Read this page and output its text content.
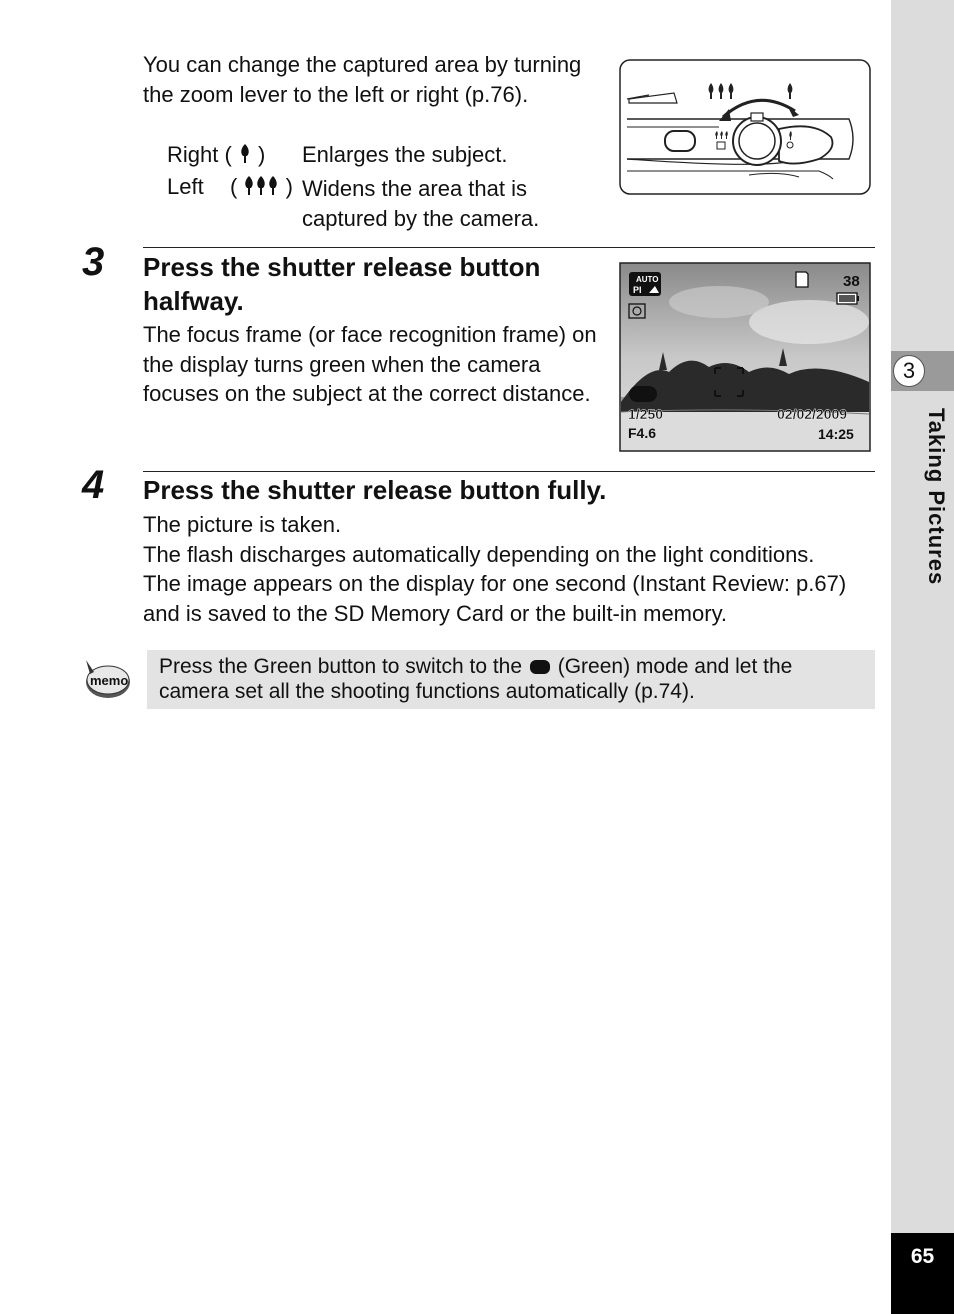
3
Taking Pictures
65
You can change the captured area by turning the zoom lever to the left or right (p.76).
Right ( ) Enlarges the subject.
Left ( ) Widens the area that is
captured by the camera.
3 Press the shutter release button
halfway.
The focus frame (or face recognition frame) on the display turns green when the camera focuses on the subject at the correct distance.
AUTO
PI	38
1/250
F4.6
02/02/2009
14:25
4 Press the shutter release button fully.
The picture is taken.
The flash discharges automatically depending on the light conditions.
The image appears on the display for one second (Instant Review: p.67) and is saved to the SD Memory Card or the built-in memory.
memo
Press the Green button to switch to the (Green) mode and let the camera set all the shooting functions automatically (p.74).
